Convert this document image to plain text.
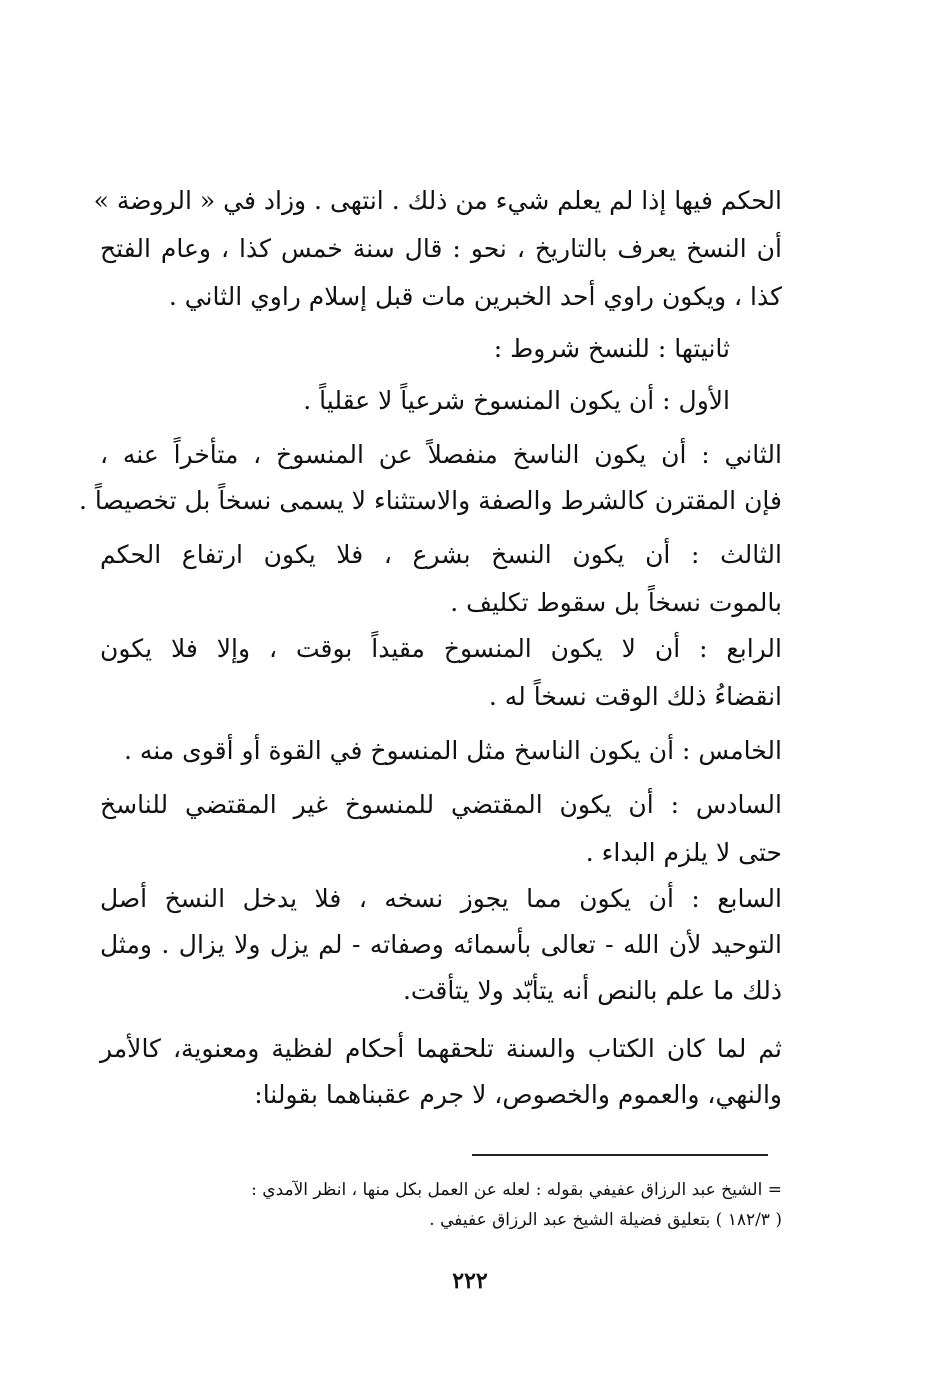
الحكم فيها إذا لم يعلم شيء من ذلك . انتهى . وزاد في « الروضة »
أن النسخ يعرف بالتاريخ ، نحو : قال سنة خمس كذا ، وعام الفتح
كذا ، ويكون راوي أحد الخبرين مات قبل إسلام راوي الثاني .
ثانيتها : للنسخ شروط :
الأول : أن يكون المنسوخ شرعياً لا عقلياً .
الثاني : أن يكون الناسخ منفصلاً عن المنسوخ ، متأخراً عنه ،
فإن المقترن كالشرط والصفة والاستثناء لا يسمى نسخاً بل تخصيصاً .
الثالث : أن يكون النسخ بشرع ، فلا يكون ارتفاع الحكم
بالموت نسخاً بل سقوط تكليف .
الرابع : أن لا يكون المنسوخ مقيداً بوقت ، وإلا فلا يكون
انقضاءُ ذلك الوقت نسخاً له .
الخامس : أن يكون الناسخ مثل المنسوخ في القوة أو أقوى منه .
السادس : أن يكون المقتضي للمنسوخ غير المقتضي للناسخ
حتى لا يلزم البداء .
السابع : أن يكون مما يجوز نسخه ، فلا يدخل النسخ أصل
التوحيد لأن الله - تعالى بأسمائه وصفاته - لم يزل ولا يزال . ومثل
ذلك ما علم بالنص أنه يتأبّد ولا يتأقت.
ثم لما كان الكتاب والسنة تلحقهما أحكام لفظية ومعنوية، كالأمر
والنهي، والعموم والخصوص، لا جرم عقبناهما بقولنا:
= الشيخ عبد الرزاق عفيفي بقوله : لعله عن العمل بكل منها ، انظر الآمدي :
( ١٨٢/٣ ) بتعليق فضيلة الشيخ عبد الرزاق عفيفي .
٢٢٢
